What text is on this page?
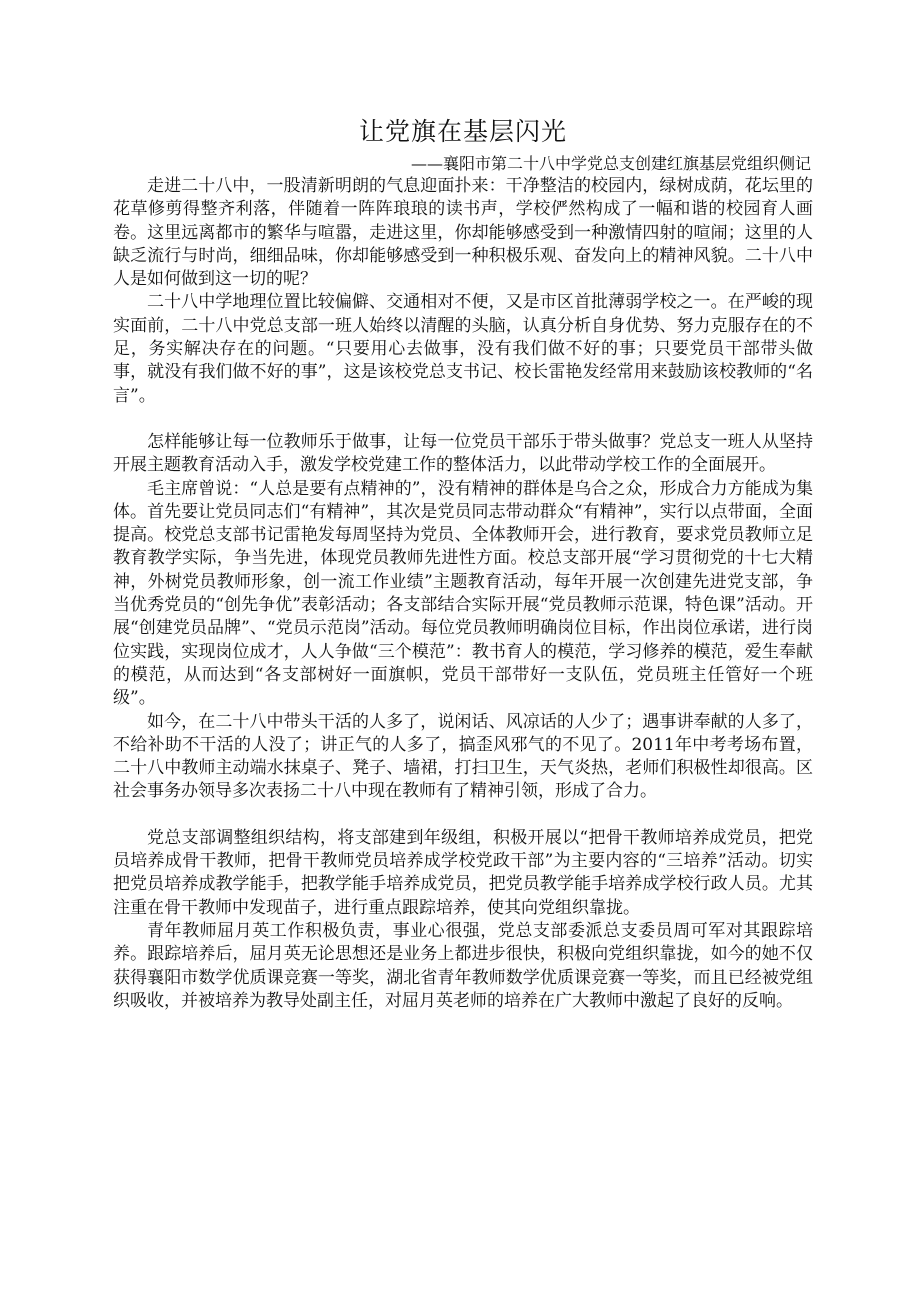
让党旗在基层闪光

——襄阳市第二十八中学党总支创建红旗基层党组织侧记

走进二十八中，一股清新明朗的气息迎面扑来：干净整洁的校园内，绿树成荫，花坛里的花草修剪得整齐利落，伴随着一阵阵琅琅的读书声，学校俨然构成了一幅和谐的校园育人画卷。这里远离都市的繁华与喧嚣，走进这里，你却能够感受到一种激情四射的喧闹；这里的人缺乏流行与时尚，细细品味，你却能够感受到一种积极乐观、奋发向上的精神风貌。二十八中人是如何做到这一切的呢？

二十八中学地理位置比较偏僻、交通相对不便，又是市区首批薄弱学校之一。在严峻的现实面前，二十八中党总支部一班人始终以清醒的头脑，认真分析自身优势、努力克服存在的不足，务实解决存在的问题。“只要用心去做事，没有我们做不好的事；只要党员干部带头做事，就没有我们做不好的事”，这是该校党总支书记、校长雷艳发经常用来鼓励该校教师的“名言”。

怎样能够让每一位教师乐于做事，让每一位党员干部乐于带头做事？党总支一班人从坚持开展主题教育活动入手，激发学校党建工作的整体活力，以此带动学校工作的全面展开。

毛主席曾说：“人总是要有点精神的”，没有精神的群体是乌合之众，形成合力方能成为集体。首先要让党员同志们“有精神”，其次是党员同志带动群众“有精神”，实行以点带面，全面提高。校党总支部书记雷艳发每周坚持为党员、全体教师开会，进行教育，要求党员教师立足教育教学实际，争当先进，体现党员教师先进性方面。校总支部开展“学习贯彻党的十七大精神，外树党员教师形象，创一流工作业绩”主题教育活动，每年开展一次创建先进党支部，争当优秀党员的“创先争优”表彰活动；各支部结合实际开展“党员教师示范课，特色课”活动。开展“创建党员品牌”、“党员示范岗”活动。每位党员教师明确岗位目标，作出岗位承诺，进行岗位实践，实现岗位成才，人人争做“三个模范”：教书育人的模范，学习修养的模范，爱生奉献的模范，从而达到“各支部树好一面旗帜，党员干部带好一支队伍，党员班主任管好一个班级”。

如今，在二十八中带头干活的人多了，说闲话、风凉话的人少了；遇事讲奉献的人多了，不给补助不干活的人没了；讲正气的人多了，搞歪风邪气的不见了。2011年中考考场布置，二十八中教师主动端水抹桌子、凳子、墙裙，打扫卫生，天气炎热，老师们积极性却很高。区社会事务办领导多次表扬二十八中现在教师有了精神引领，形成了合力。

党总支部调整组织结构，将支部建到年级组，积极开展以“把骨干教师培养成党员，把党员培养成骨干教师，把骨干教师党员培养成学校党政干部”为主要内容的“三培养”活动。切实把党员培养成教学能手，把教学能手培养成党员，把党员教学能手培养成学校行政人员。尤其注重在骨干教师中发现苗子，进行重点跟踪培养，使其向党组织靠拢。

青年教师屈月英工作积极负责，事业心很强，党总支部委派总支委员周可军对其跟踪培养。跟踪培养后，屈月英无论思想还是业务上都进步很快，积极向党组织靠拢，如今的她不仅获得襄阳市数学优质课竞赛一等奖，湖北省青年教师数学优质课竞赛一等奖，而且已经被党组织吸收，并被培养为教导处副主任，对屈月英老师的培养在广大教师中激起了良好的反响。
